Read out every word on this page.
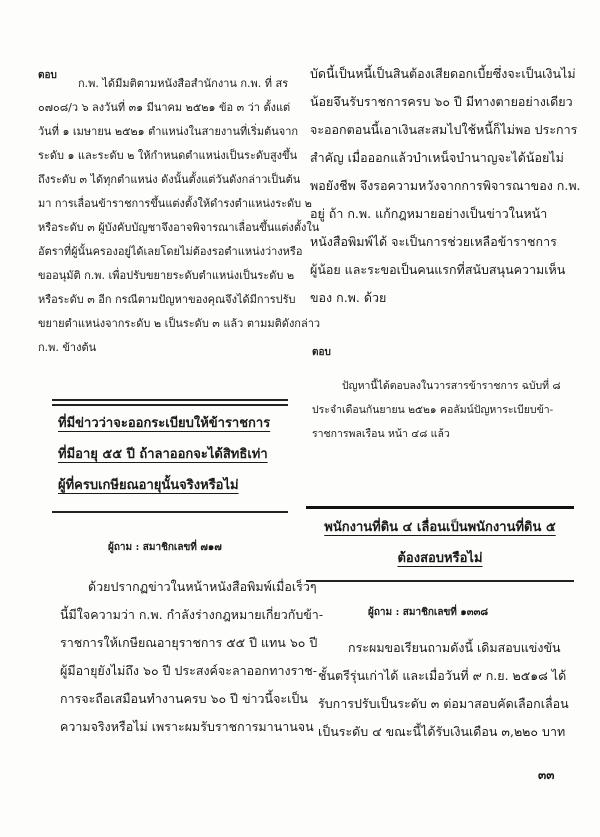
ตอบ
ก.พ. ได้มีมติตามหนังสือสำนักงาน ก.พ. ที่ สร
๐๗๐๘/ว ๖ ลงวันที่ ๓๑ มีนาคม ๒๕๒๑ ข้อ ๓ ว่า ตั้งแต่
วันที่ ๑ เมษายน ๒๕๒๑ ตำแหน่งในสายงานที่เริ่มต้นจาก
ระดับ ๑ และระดับ ๒ ให้กำหนดตำแหน่งเป็นระดับสูงขึ้น
ถึงระดับ ๓ ได้ทุกตำแหน่ง ดังนั้นตั้งแต่วันดังกล่าวเป็นต้น
มา การเลื่อนข้าราชการขึ้นแต่งตั้งให้ดำรงตำแหน่งระดับ ๒
หรือระดับ ๓ ผู้บังคับบัญชาจึงอาจพิจารณาเลื่อนขึ้นแต่งตั้งใน
อัตราที่ผู้นั้นครองอยู่ได้เลยโดยไม่ต้องรอตำแหน่งว่างหรือ
ขออนุมัติ ก.พ. เพื่อปรับขยายระดับตำแหน่งเป็นระดับ ๒
หรือระดับ ๓ อีก กรณีตามปัญหาของคุณจึงได้มีการปรับ
ขยายตำแหน่งจากระดับ ๒ เป็นระดับ ๓ แล้ว ตามมติดังกล่าว
ก.พ. ข้างต้น
ที่มีข่าวว่าจะออกระเบียบให้ข้าราชการ
ที่มีอายุ ๕๕ ปี ถ้าลาออกจะได้สิทธิเท่า
ผู้ที่ครบเกษียณอายุนั้นจริงหรือไม่
ผู้ถาม : สมาชิกเลขที่ ๗๑๗
ด้วยปรากฏข่าวในหน้าหนังสือพิมพ์เมื่อเร็วๆ
นี้มีใจความว่า ก.พ. กำลังร่างกฎหมายเกี่ยวกับข้า-
ราชการให้เกษียณอายุราชการ ๕๕ ปี แทน ๖๐ ปี
ผู้มีอายุยังไม่ถึง ๖๐ ปี ประสงค์จะลาออกทางราช-
การจะถือเสมือนทำงานครบ ๖๐ ปี ข่าวนี้จะเป็น
ความจริงหรือไม่ เพราะผมรับราชการมานานจน
บัดนี้เป็นหนี้เป็นสินต้องเสียดอกเบี้ยซึ่งจะเป็นเงินไม่
น้อยจึนรับราชการครบ ๖๐ ปี มีทางตายอย่างเดียว
จะออกตอนนี้เอาเงินสะสมไปใช้หนี้ก็ไม่พอ ประการ
สำคัญ เมื่อออกแล้วบำเหน็จบำนาญจะได้น้อยไม่
พอยังชีพ จึงรอความหวังจากการพิจารณาของ ก.พ.
อยู่ ถ้า ก.พ. แก้กฎหมายอย่างเป็นข่าวในหน้า
หนังสือพิมพ์ได้ จะเป็นการช่วยเหลือข้าราชการ
ผู้น้อย และระขอเป็นคนแรกที่สนับสนุนความเห็น
ของ ก.พ. ด้วย
ตอบ
ปัญหานี้ได้ตอบลงในวารสารข้าราชการ ฉบับที่ ๘
ประจำเดือนกันยายน ๒๕๒๑ คอลัมน์ปัญหาระเบียบข้า-
ราชการพลเรือน หน้า ๔๘ แล้ว
พนักงานที่ดิน ๔ เลื่อนเป็นพนักงานที่ดิน ๕
ต้องสอบหรือไม่
ผู้ถาม : สมาชิกเลขที่ ๑๓๓๘
กระผมขอเรียนถามดังนี้ เดิมสอบแข่งขัน
ชั้นตรีรุ่นเก่าได้ และเมื่อวันที่ ๙ ก.ย. ๒๕๑๘ ได้
รับการปรับเป็นระดับ ๓ ต่อมาสอบคัดเลือกเลื่อน
เป็นระดับ ๔ ขณะนี้ได้รับเงินเดือน ๓,๒๒๐ บาท
๓๓
